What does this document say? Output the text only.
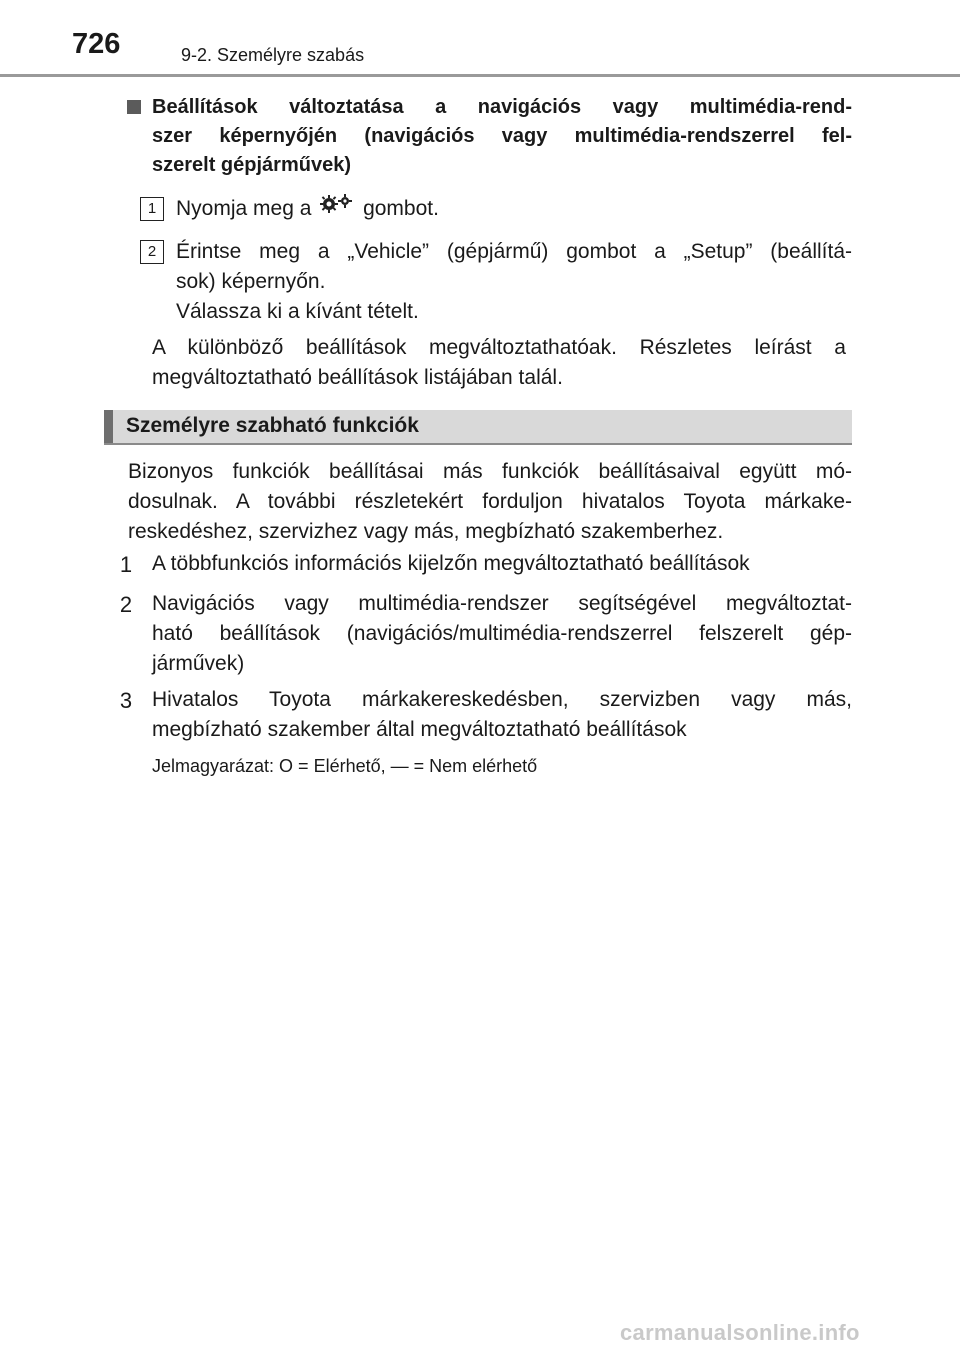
726	9-2. Személyre szabás
Beállítások változtatása a navigációs vagy multimédia-rend-
szer képernyőjén (navigációs vagy multimédia-rendszerrel fel-
szerelt gépjárművek)
1 Nyomja meg a gombot.
2 Érintse meg a „Vehicle” (gépjármű) gombot a „Setup” (beállítá-
sok) képernyőn.
Válassza ki a kívánt tételt.
A különböző beállítások megváltoztathatóak. Részletes leírást a
megváltoztatható beállítások listájában talál.
Személyre szabható funkciók
Bizonyos funkciók beállításai más funkciók beállításaival együtt mó-
dosulnak. A további részletekért forduljon hivatalos Toyota márkake-
reskedéshez, szervizhez vagy más, megbízható szakemberhez.
1 A többfunkciós információs kijelzőn megváltoztatható beállítások
2 Navigációs vagy multimédia-rendszer segítségével megváltoztat-
ható beállítások (navigációs/multimédia-rendszerrel felszerelt gép-
járművek)
3 Hivatalos Toyota márkakereskedésben, szervizben vagy más,
megbízható szakember által megváltoztatható beállítások
Jelmagyarázat: O = Elérhető, — = Nem elérhető
carmanualsonline.info
